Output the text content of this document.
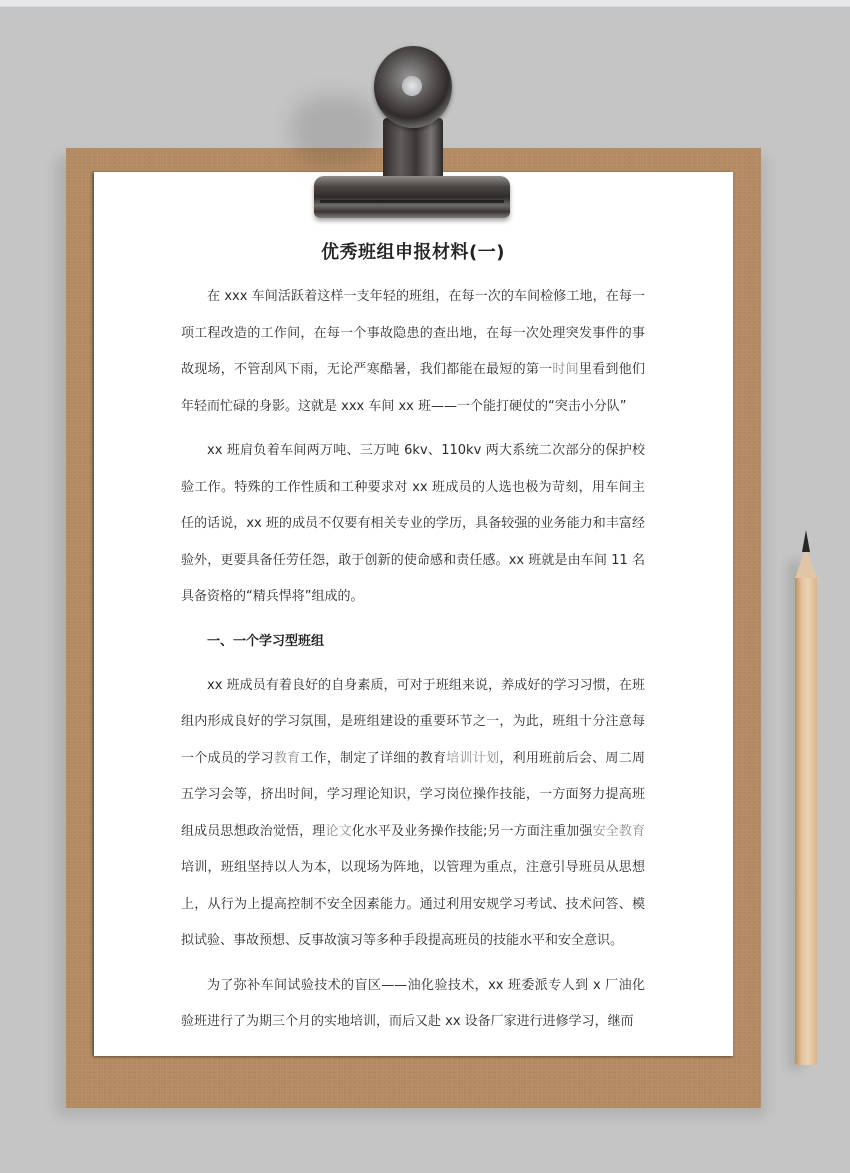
优秀班组申报材料(一)

在 xxx 车间活跃着这样一支年轻的班组，在每一次的车间检修工地，在每一项工程改造的工作间，在每一个事故隐患的查出地，在每一次处理突发事件的事故现场，不管刮风下雨，无论严寒酷暑，我们都能在最短的第一时间里看到他们年轻而忙碌的身影。这就是 xxx 车间 xx 班——一个能打硬仗的“突击小分队”

xx 班肩负着车间两万吨、三万吨 6kv、110kv 两大系统二次部分的保护校验工作。特殊的工作性质和工种要求对 xx 班成员的人选也极为苛刻，用车间主任的话说，xx 班的成员不仅要有相关专业的学历，具备较强的业务能力和丰富经验外，更要具备任劳任怨，敢于创新的使命感和责任感。xx 班就是由车间 11 名具备资格的“精兵悍将”组成的。

一、一个学习型班组

xx 班成员有着良好的自身素质，可对于班组来说，养成好的学习习惯，在班组内形成良好的学习氛围，是班组建设的重要环节之一，为此，班组十分注意每一个成员的学习教育工作，制定了详细的教育培训计划，利用班前后会、周二周五学习会等，挤出时间，学习理论知识，学习岗位操作技能，一方面努力提高班组成员思想政治觉悟，理论文化水平及业务操作技能;另一方面注重加强安全教育培训，班组坚持以人为本，以现场为阵地，以管理为重点，注意引导班员从思想上，从行为上提高控制不安全因素能力。通过利用安规学习考试、技术问答、模拟试验、事故预想、反事故演习等多种手段提高班员的技能水平和安全意识。

为了弥补车间试验技术的盲区——油化验技术，xx 班委派专人到 x 厂油化验班进行了为期三个月的实地培训，而后又赴 xx 设备厂家进行进修学习，继而
